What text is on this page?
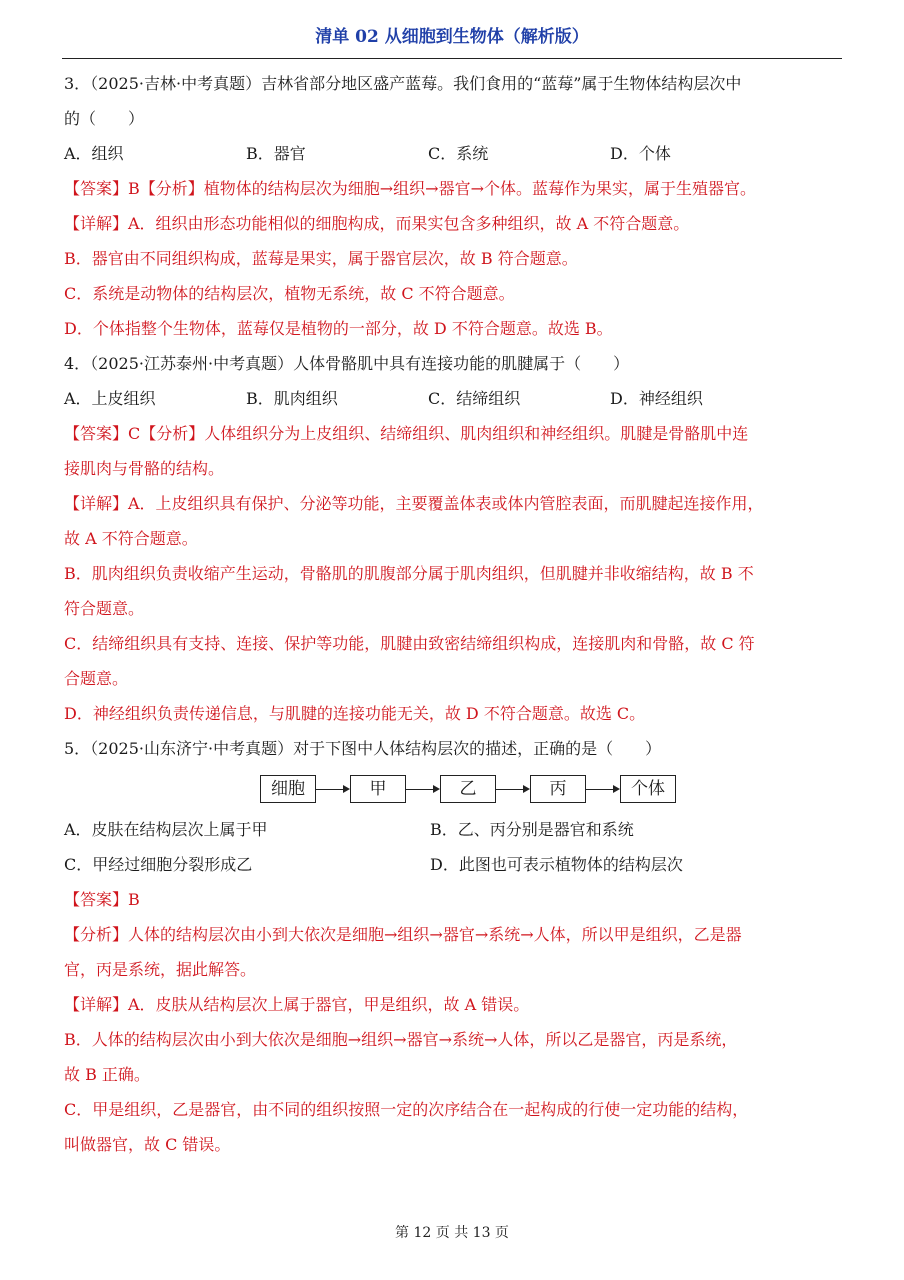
清单 02 从细胞到生物体（解析版）
3．（2025·吉林·中考真题）吉林省部分地区盛产蓝莓。我们食用的“蓝莓”属于生物体结构层次中
的（　　）
A．组织	B．器官	C．系统	D．个体
【答案】B【分析】植物体的结构层次为细胞→组织→器官→个体。蓝莓作为果实，属于生殖器官。
【详解】A．组织由形态功能相似的细胞构成，而果实包含多种组织，故 A 不符合题意。
B．器官由不同组织构成，蓝莓是果实，属于器官层次，故 B 符合题意。
C．系统是动物体的结构层次，植物无系统，故 C 不符合题意。
D．个体指整个生物体，蓝莓仅是植物的一部分，故 D 不符合题意。故选 B。
4．（2025·江苏泰州·中考真题）人体骨骼肌中具有连接功能的肌腱属于（　　）
A．上皮组织	B．肌肉组织	C．结缔组织	D．神经组织
【答案】C【分析】人体组织分为上皮组织、结缔组织、肌肉组织和神经组织。肌腱是骨骼肌中连
接肌肉与骨骼的结构。
【详解】A．上皮组织具有保护、分泌等功能，主要覆盖体表或体内管腔表面，而肌腱起连接作用，
故 A 不符合题意。
B．肌肉组织负责收缩产生运动，骨骼肌的肌腹部分属于肌肉组织，但肌腱并非收缩结构，故 B 不
符合题意。
C．结缔组织具有支持、连接、保护等功能，肌腱由致密结缔组织构成，连接肌肉和骨骼，故 C 符
合题意。
D．神经组织负责传递信息，与肌腱的连接功能无关，故 D 不符合题意。故选 C。
5．（2025·山东济宁·中考真题）对于下图中人体结构层次的描述，正确的是（　　）
细胞	甲	乙	丙	个体
A．皮肤在结构层次上属于甲	B．乙、丙分别是器官和系统
C．甲经过细胞分裂形成乙	D．此图也可表示植物体的结构层次
【答案】B
【分析】人体的结构层次由小到大依次是细胞→组织→器官→系统→人体，所以甲是组织，乙是器
官，丙是系统，据此解答。
【详解】A．皮肤从结构层次上属于器官，甲是组织，故 A 错误。
B．人体的结构层次由小到大依次是细胞→组织→器官→系统→人体，所以乙是器官，丙是系统，
故 B 正确。
C．甲是组织，乙是器官，由不同的组织按照一定的次序结合在一起构成的行使一定功能的结构，
叫做器官，故 C 错误。
第 12 页 共 13 页
